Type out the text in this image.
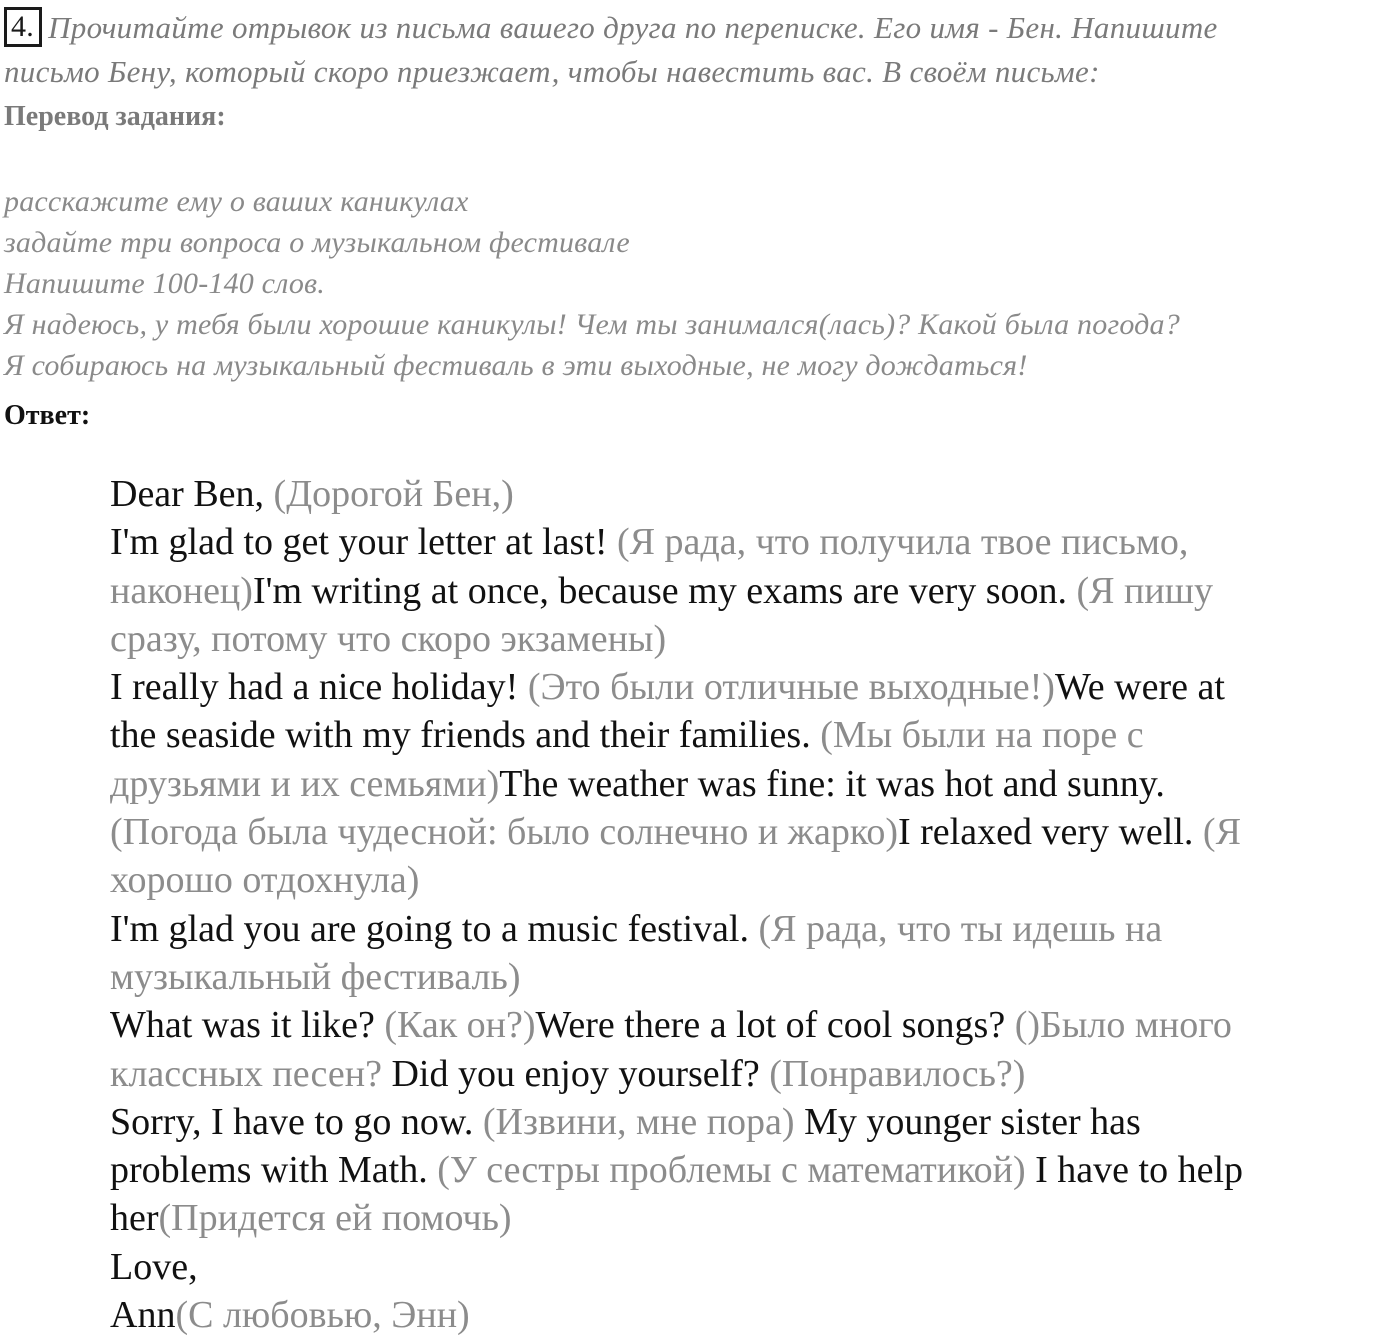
4. Прочитайте отрывок из письма вашего друга по переписке. Его имя - Бен. Напишите
письмо Бену, который скоро приезжает, чтобы навестить вас. В своём письме:
Перевод задания:
расскажите ему о ваших каникулах
задайте три вопроса о музыкальном фестивале
Напишите 100-140 слов.
Я надеюсь, у тебя были хорошие каникулы! Чем ты занимался(лась)? Какой была погода?
Я собираюсь на музыкальный фестиваль в эти выходные, не могу дождаться!
Ответ:
Dear Ben, (Дорогой Бен,)
I'm glad to get your letter at last! (Я рада, что получила твое письмо,
наконец)I'm writing at once, because my exams are very soon. (Я пишу
сразу, потому что скоро экзамены)
I really had a nice holiday! (Это были отличные выходные!)We were at
the seaside with my friends and their families. (Мы были на поре с
друзьями и их семьями)The weather was fine: it was hot and sunny.
(Погода была чудесной: было солнечно и жарко)I relaxed very well. (Я
хорошо отдохнула)
I'm glad you are going to a music festival. (Я рада, что ты идешь на
музыкальный фестиваль)
What was it like? (Как он?)Were there a lot of cool songs? ()Было много
классных песен? Did you enjoy yourself? (Понравилось?)
Sorry, I have to go now. (Извини, мне пора) My younger sister has
problems with Math. (У сестры проблемы с математикой) I have to help
her(Придется ей помочь)
Love,
Ann(С любовью, Энн)
